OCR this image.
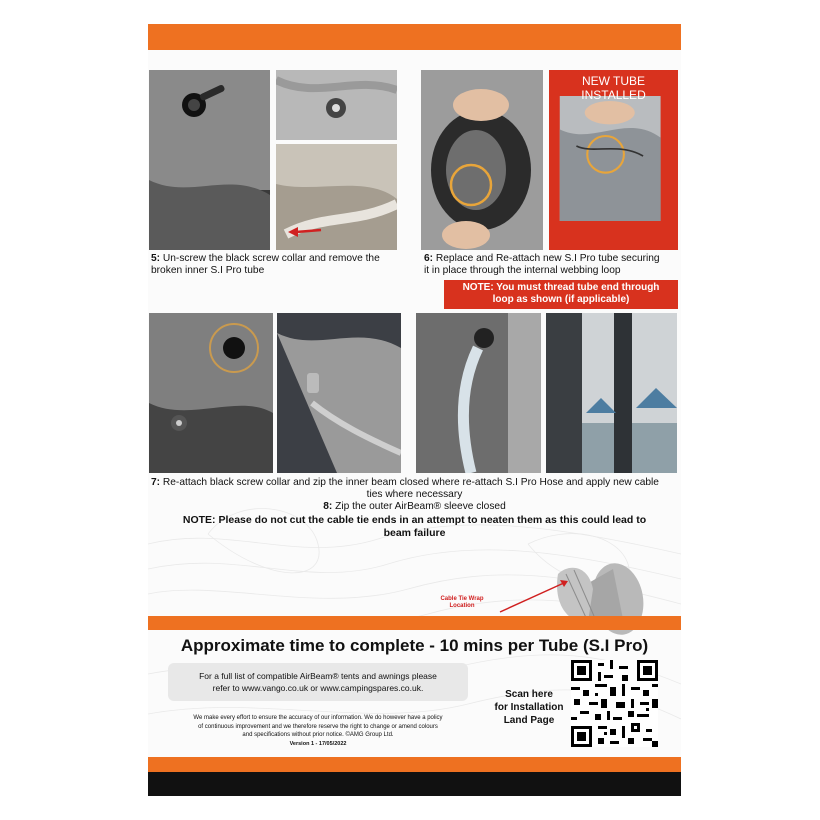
5: Un-screw the black screw collar and remove the
broken inner S.I Pro tube
NEW TUBE INSTALLED
6: Replace and Re-attach new S.I Pro tube securing
it in place through the internal webbing loop
NOTE: You must thread tube end through
loop as shown (if applicable)
7: Re-attach black screw collar and zip the inner beam closed where re-attach S.I Pro Hose and apply new cable
ties where necessary
8: Zip the outer AirBeam® sleeve closed
NOTE: Please do not cut the cable tie ends in an attempt to neaten them as this could lead to
beam failure
Cable Tie Wrap
Location
Approximate time to complete - 10 mins per Tube (S.I Pro)
For a full list of compatible AirBeam® tents and awnings please
refer to www.vango.co.uk or www.campingspares.co.uk.
We make every effort to ensure the accuracy of our information. We do however have a policy
of continuous improvement and we therefore reserve the right to change or amend colours
and specifications without prior notice. ©AMG Group Ltd.
Version 1 - 17/05/2022
Scan here
for Installation
Land Page
